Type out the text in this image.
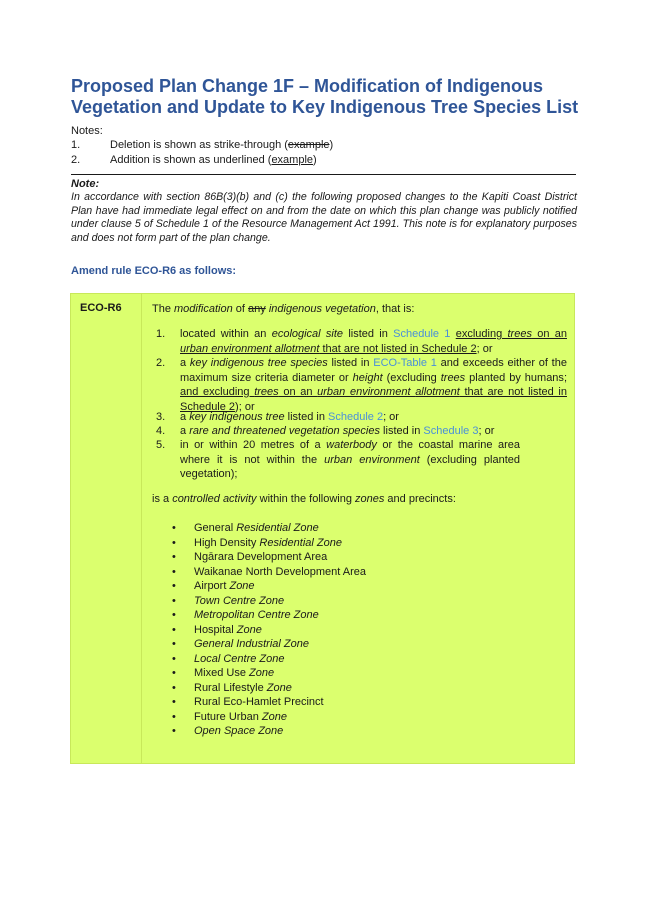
Proposed Plan Change 1F – Modification of Indigenous Vegetation and Update to Key Indigenous Tree Species List
Notes:
1.	Deletion is shown as strike-through (example)
2.	Addition is shown as underlined (example)
Note:
In accordance with section 86B(3)(b) and (c) the following proposed changes to the Kapiti Coast District Plan have had immediate legal effect on and from the date on which this plan change was publicly notified under clause 5 of Schedule 1 of the Resource Management Act 1991. This note is for explanatory purposes and does not form part of the plan change.
Amend rule ECO-R6 as follows:
ECO-R6	The modification of any indigenous vegetation, that is:
1. located within an ecological site listed in Schedule 1 excluding trees on an urban environment allotment that are not listed in Schedule 2; or
2. a key indigenous tree species listed in ECO-Table 1 and exceeds either of the maximum size criteria diameter or height (excluding trees planted by humans; and excluding trees on an urban environment allotment that are not listed in Schedule 2); or
3. a key indigenous tree listed in Schedule 2; or
4. a rare and threatened vegetation species listed in Schedule 3; or
5. in or within 20 metres of a waterbody or the coastal marine area where it is not within the urban environment (excluding planted vegetation);
is a controlled activity within the following zones and precincts:
• General Residential Zone
• High Density Residential Zone
• Ngārara Development Area
• Waikanae North Development Area
• Airport Zone
• Town Centre Zone
• Metropolitan Centre Zone
• Hospital Zone
• General Industrial Zone
• Local Centre Zone
• Mixed Use Zone
• Rural Lifestyle Zone
• Rural Eco-Hamlet Precinct
• Future Urban Zone
• Open Space Zone
